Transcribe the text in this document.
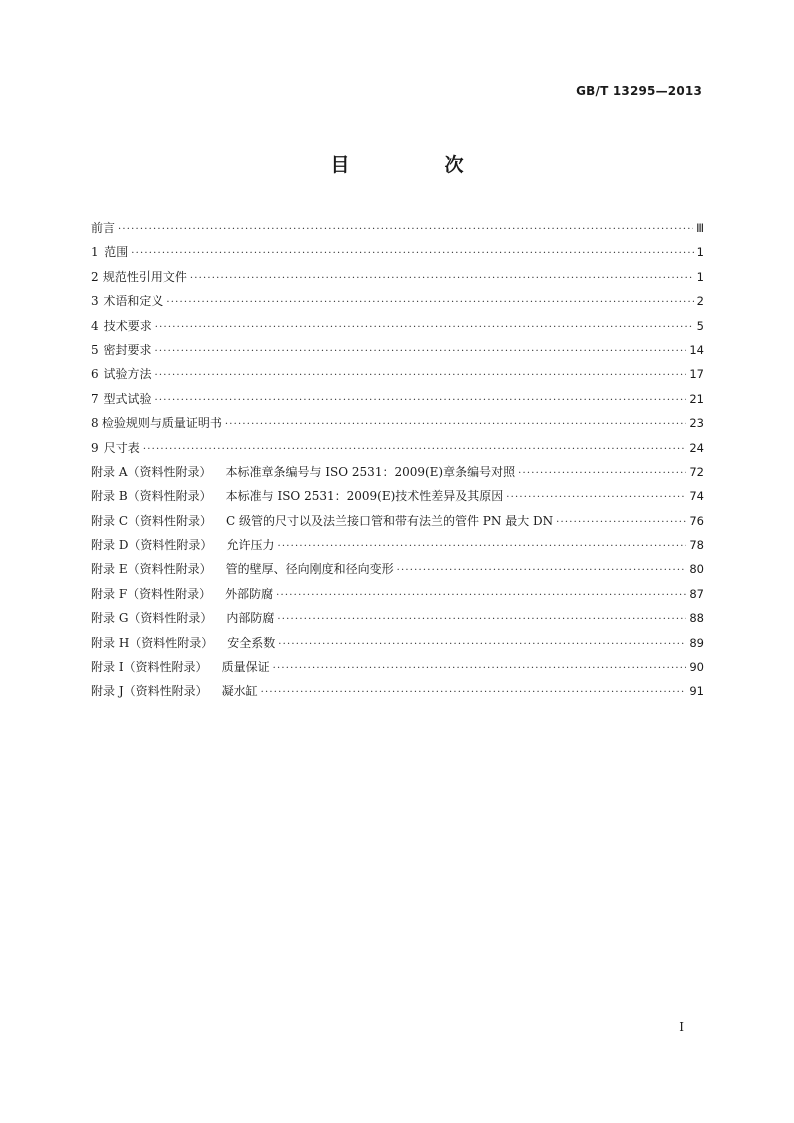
GB/T 13295—2013
目　次
前言 ·····	Ⅲ
1 范围 ·····	1
2 规范性引用文件 ·····	1
3 术语和定义 ·····	2
4 技术要求 ·····	5
5 密封要求 ·····	14
6 试验方法 ·····	17
7 型式试验 ·····	21
8 检验规则与质量证明书 ·····	23
9 尺寸表 ·····	24
附录 A（资料性附录） 本标准章条编号与 ISO 2531：2009(E)章条编号对照 ·····	72
附录 B（资料性附录） 本标准与 ISO 2531：2009(E)技术性差异及其原因 ·····	74
附录 C（资料性附录） C 级管的尺寸以及法兰接口管和带有法兰的管件 PN 最大 DN ·····	76
附录 D（资料性附录） 允许压力 ·····	78
附录 E（资料性附录） 管的壁厚、径向刚度和径向变形 ·····	80
附录 F（资料性附录） 外部防腐 ·····	87
附录 G（资料性附录） 内部防腐 ·····	88
附录 H（资料性附录） 安全系数 ·····	89
附录 I（资料性附录） 质量保证 ·····	90
附录 J（资料性附录） 凝水缸 ·····	91
I
